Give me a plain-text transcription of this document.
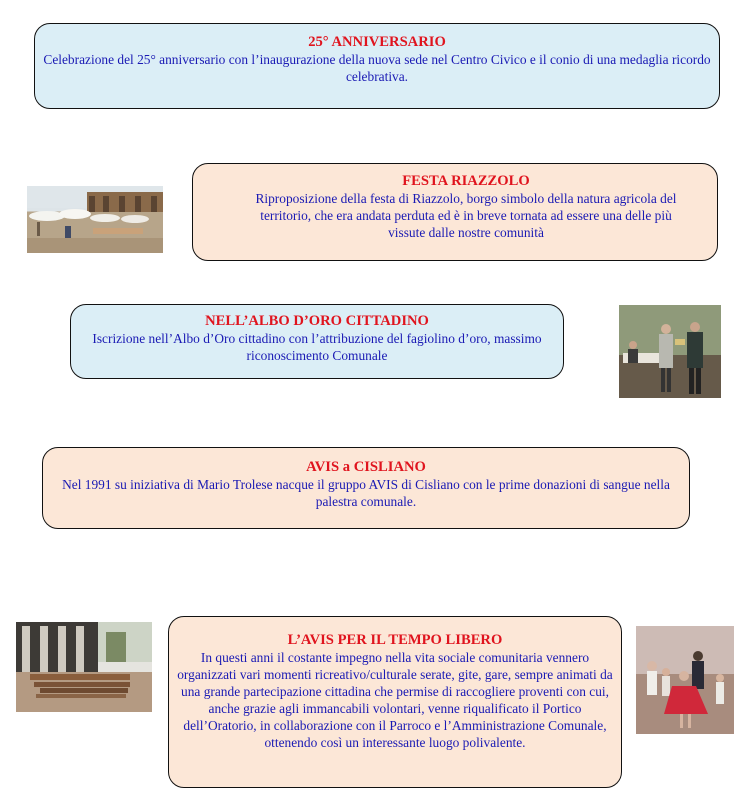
25° ANNIVERSARIO
Celebrazione del 25° anniversario con l’inaugurazione della nuova sede nel Centro Civico e il conio di una medaglia ricordo celebrativa.
FESTA RIAZZOLO
Riproposizione della festa di Riazzolo, borgo simbolo della natura agricola del territorio, che era andata perduta ed è in breve tornata ad essere una delle più vissute dalle nostre comunità
NELL’ALBO D’ORO CITTADINO
Iscrizione nell’Albo d’Oro cittadino con l’attribuzione del fagiolino d’oro, massimo riconoscimento Comunale
AVIS a CISLIANO
Nel 1991 su iniziativa di Mario Trolese nacque il gruppo AVIS di Cisliano con le prime donazioni di sangue nella palestra comunale.
L’AVIS PER IL TEMPO LIBERO
In questi anni il costante impegno nella vita sociale comunitaria vennero organizzati vari momenti ricreativo/culturale serate, gite, gare, sempre animati da una grande partecipazione cittadina che permise di raccogliere proventi con cui, anche grazie agli immancabili volontari, venne riqualificato il Portico dell’Oratorio, in collaborazione con il Parroco e l’Amministrazione Comunale, ottenendo così un interessante luogo polivalente.
